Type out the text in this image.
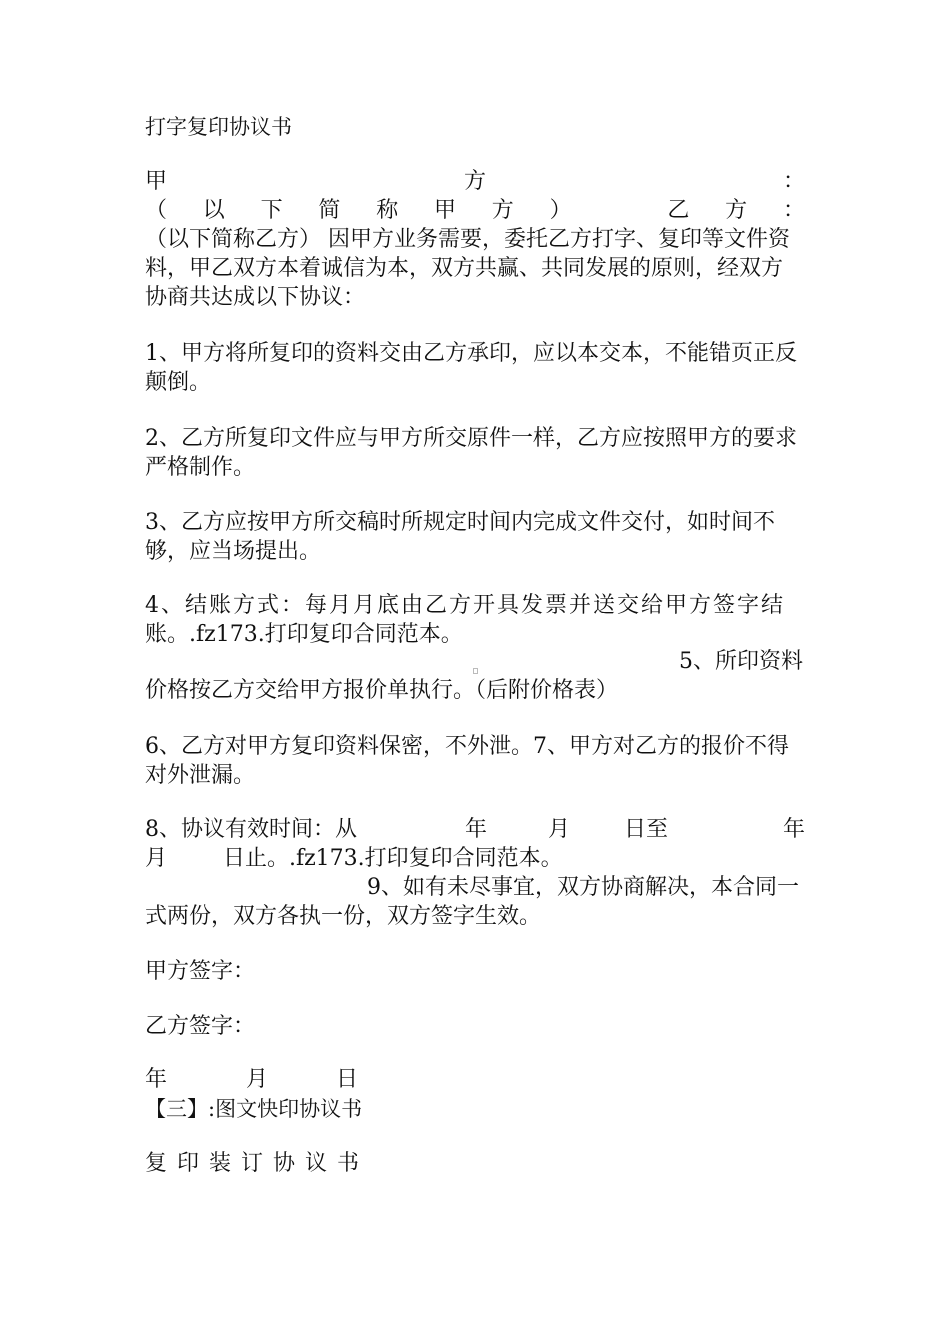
打字复印协议书
甲	方	：
（ 以 下 简 称 甲 方 ）	乙 方 ：
（以下简称乙方） 因甲方业务需要，委托乙方打字、复印等文件资
料，甲乙双方本着诚信为本，双方共赢、共同发展的原则，经双方
协商共达成以下协议：
1、甲方将所复印的资料交由乙方承印，应以本交本，不能错页正反
颠倒。
2、乙方所复印文件应与甲方所交原件一样，乙方应按照甲方的要求
严格制作。
3、乙方应按甲方所交稿时所规定时间内完成文件交付，如时间不
够，应当场提出。
4、结账方式：每月月底由乙方开具发票并送交给甲方签字结
账。.fz173.打印复印合同范本。
5、所印资料
价格按乙方交给甲方报价单执行。（后附价格表）
6、乙方对甲方复印资料保密，不外泄。7、甲方对乙方的报价不得
对外泄漏。
8、协议有效时间：从	年	月 日至	年
月        日止。.fz173.打印复印合同范本。
9、如有未尽事宜，双方协商解决，本合同一
式两份，双方各执一份，双方签字生效。
甲方签字：
乙方签字：
年	月	日
【三】:图文快印协议书
复印装订协议书
